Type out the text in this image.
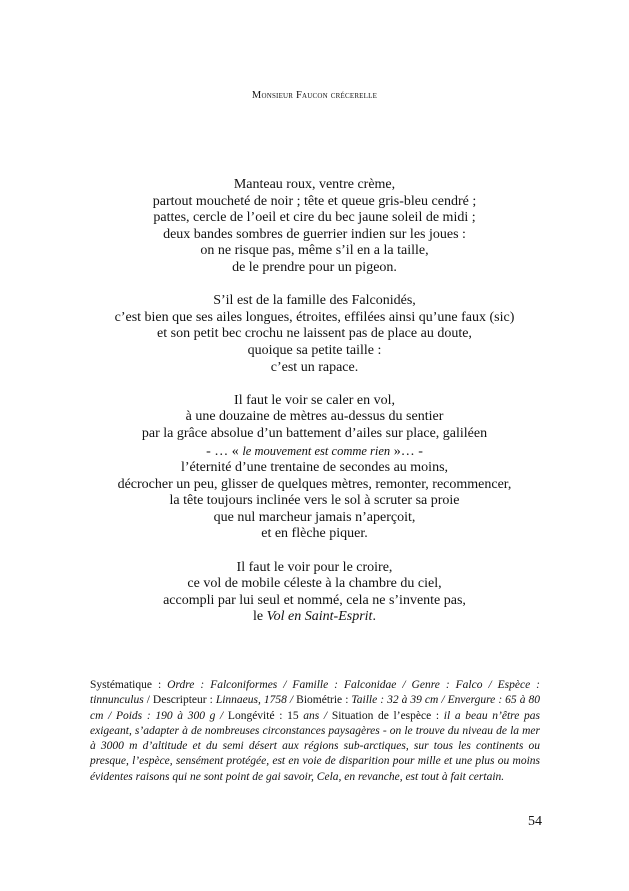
Monsieur Faucon crécerelle
Manteau roux, ventre crème,
partout moucheté de noir ; tête et queue gris-bleu cendré ;
pattes, cercle de l’oeil et cire du bec jaune soleil de midi ;
deux bandes sombres de guerrier indien sur les joues :
on ne risque pas, même s’il en a la taille,
de le prendre pour un pigeon.
S’il est de la famille des Falconidés,
c’est bien que ses ailes longues, étroites, effilées ainsi qu’une faux (sic)
et son petit bec crochu ne laissent pas de place au doute,
quoique sa petite taille :
c’est un rapace.
Il faut le voir se caler en vol,
à une douzaine de mètres au-dessus du sentier
par la grâce absolue d’un battement d’ailes sur place, galiléen
- … « le mouvement est comme rien »… -
l’éternité d’une trentaine de secondes au moins,
décrocher un peu, glisser de quelques mètres, remonter, recommencer,
la tête toujours inclinée vers le sol à scruter sa proie
que nul marcheur jamais n’aperçoit,
et en flèche piquer.
Il faut le voir pour le croire,
ce vol de mobile céleste à la chambre du ciel,
accompli par lui seul et nommé, cela ne s’invente pas,
le Vol en Saint-Esprit.
Systématique : Ordre : Falconiformes / Famille : Falconidae / Genre : Falco / Espèce : tinnunculus / Descripteur : Linnaeus, 1758 / Biométrie : Taille : 32 à 39 cm / Envergure : 65 à 80 cm / Poids : 190 à 300 g / Longévité : 15 ans / Situation de l’espèce : il a beau n’être pas exigeant, s’adapter à de nombreuses circonstances paysagères - on le trouve du niveau de la mer à 3000 m d’altitude et du semi désert aux régions sub-arctiques, sur tous les continents ou presque, l’espèce, sensément protégée, est en voie de disparition pour mille et une plus ou moins évidentes raisons qui ne sont point de gai savoir, Cela, en revanche, est tout à fait certain.
54
